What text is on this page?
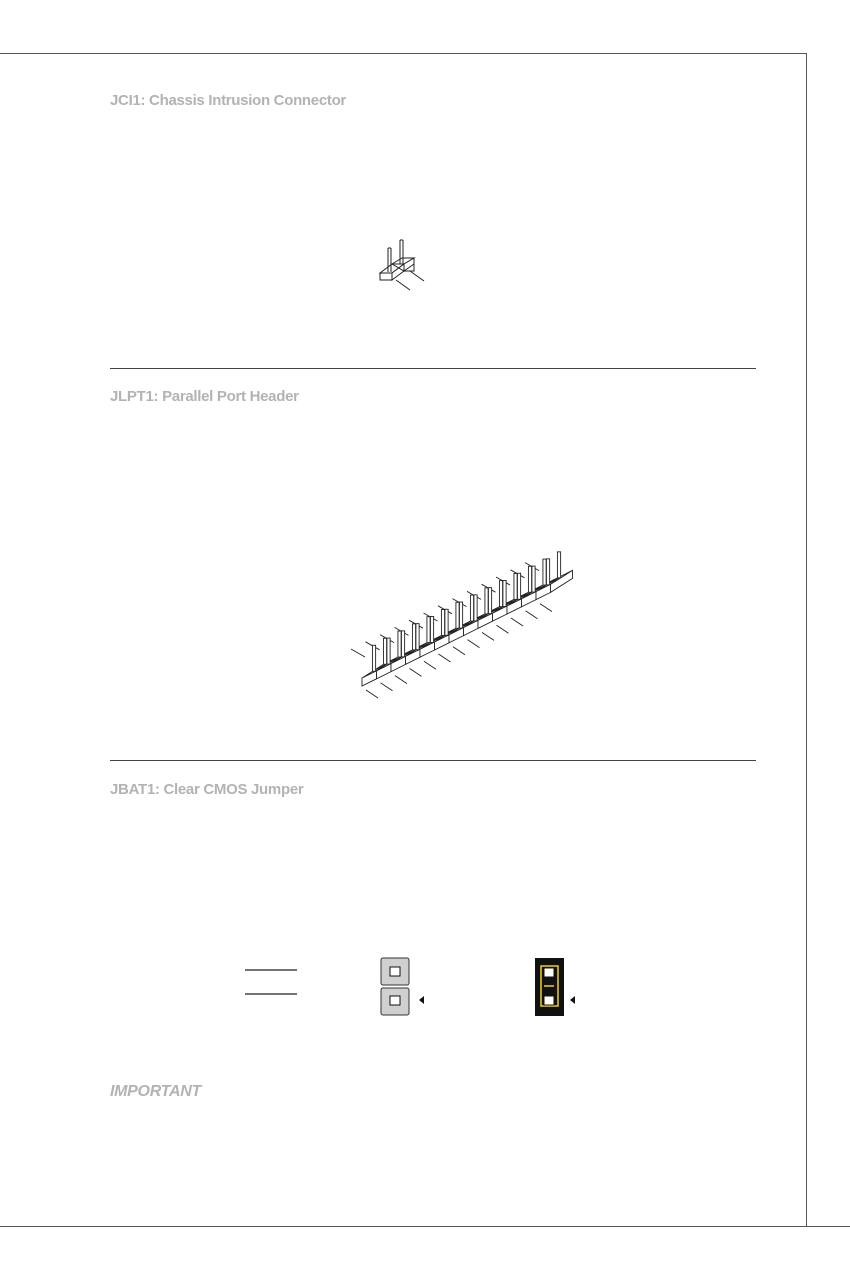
JCI1: Chassis Intrusion Connector
JLPT1: Parallel Port Header
JBAT1: Clear CMOS Jumper
IMPORTANT
